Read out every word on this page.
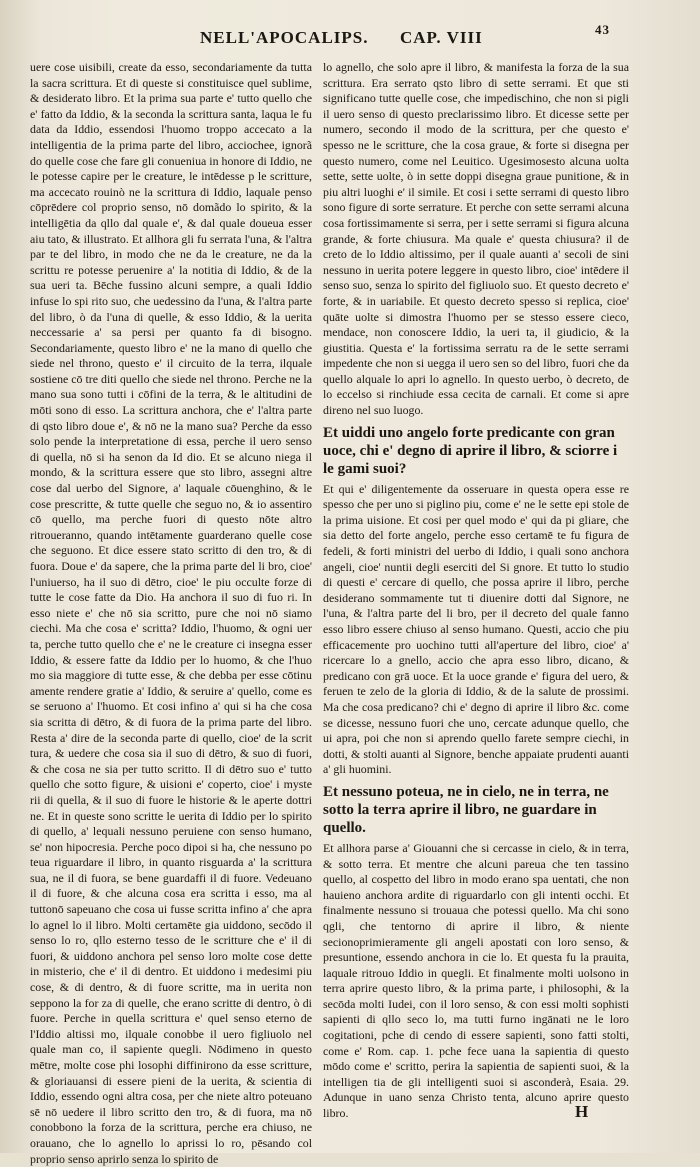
NELL'APOCALIPS. CAP. VIII	43

uere cose uisibili, create da esso, secondariamente da tutta la sacra scrittura. Et di queste si constituisce quel sublime, & desiderato libro. Et la prima sua parte e' tutto quello che e' fatto da Iddio, & la seconda la scrittura santa, laqua le fu data da Iddio, essendosi l'huomo troppo accecato a la intelligentia de la prima parte del libro, acciochee, ignorã do quelle cose che fare gli conueniua in honore di Iddio, ne le potesse capire per le creature, le intēdesse p le scritture, ma accecato rouinò ne la scrittura di Iddio, laquale penso cōprēdere col proprio senso, nō domãdo lo spirito, & la intelligētia da qllo dal quale e', & dal quale doueua esser aiu tato, & illustrato. Et allhora gli fu serrata l'una, & l'altra par te del libro, in modo che ne da le creature, ne da la scrittu re potesse peruenire a' la notitia di Iddio, & de la sua ueri ta. Bēche fussino alcuni sempre, a quali Iddio infuse lo spi rito suo, che uedessino da l'una, & l'altra parte del libro, ò da l'una di quelle, & esso Iddio, & la uerita neccessarie a' sa persi per quanto fa di bisogno. Secondariamente, questo libro e' ne la mano di quello che siede nel throno, questo e' il circuito de la terra, ilquale sostiene cō tre diti quello che siede nel throno. Perche ne la mano sua sono tutti i cōfini de la terra, & le altitudini de mōti sono di esso. La scrittura anchora, che e' l'altra parte di qsto libro doue e', & nō ne la mano sua? Perche da esso solo pende la interpretatione di essa, perche il uero senso di quella, nō si ha senon da Id dio. Et se alcuno niega il mondo, & la scrittura essere que sto libro, assegni altre cose dal uerbo del Signore, a' laquale cōuenghino, & le cose prescritte, & tutte quelle che seguo no, & io assentiro cō quello, ma perche fuori di questo nōte altro ritroueranno, quando intētamente guarderano quelle cose che seguono. Et dice essere stato scritto di den tro, & di fuora. Doue e' da sapere, che la prima parte del li bro, cioe' l'uniuerso, ha il suo di dētro, cioe' le piu occulte forze di tutte le cose fatte da Dio. Ha anchora il suo di fuo ri. In esso niete e' che nō sia scritto, pure che noi nō siamo ciechi. Ma che cosa e' scritta? Iddio, l'huomo, & ogni uer ta, perche tutto quello che e' ne le creature ci insegna esser Iddio, & essere fatte da Iddio per lo huomo, & che l'huo mo sia maggiore di tutte esse, & che debba per esse cōtinu amente rendere gratie a' Iddio, & seruire a' quello, come es se seruono a' l'huomo. Et cosi infino a' qui si ha che cosa sia scritta di dētro, & di fuora de la prima parte del libro. Resta a' dire de la seconda parte di quello, cioe' de la scrit tura, & uedere che cosa sia il suo di dētro, & suo di fuori, & che cosa ne sia per tutto scritto. Il di dētro suo e' tutto quello che sotto figure, & uisioni e' coperto, cioe' i myste rii di quella, & il suo di fuore le historie & le aperte dottri ne. Et in queste sono scritte le uerita di Iddio per lo spirito di quello, a' lequali nessuno peruiene con senso humano, se' non hipocresia. Perche poco dipoi si ha, che nessuno po teua riguardare il libro, in quanto risguarda a' la scrittura sua, ne il di fuora, se bene guardaffi il di fuore. Vedeuano il di fuore, & che alcuna cosa era scritta i esso, ma al tuttonō sapeuano che cosa ui fusse scritta infino a' che apra lo agnel lo il libro. Molti certamēte gia uiddono, secōdo il senso lo ro, qllo esterno tesso de le scritture che e' il di fuori, & uiddono anchora pel senso loro molte cose dette in misterio, che e' il di dentro. Et uiddono i medesimi piu cose, & di dentro, & di fuore scritte, ma in uerita non seppono la for za di quelle, che erano scritte di dentro, ò di fuore. Perche in quella scrittura e' quel senso eterno de l'Iddio altissi mo, ilquale conobbe il uero figliuolo nel quale man co, il sapiente quegli. Nōdimeno in questo mētre, molte cose phi losophi diffinirono da esse scritture, & gloriauansi di essere pieni de la uerita, & scientia di Iddio, essendo ogni altra cosa, per che niete altro poteuano sē nō uedere il libro scritto den tro, & di fuora, ma nō conobbono la forza de la scrittura, perche era chiuso, ne orauano, che lo agnello lo aprissi lo ro, pēsando col proprio senso aprirlo senza lo spirito de

lo agnello, che solo apre il libro, & manifesta la forza de la sua scrittura. Era serrato qsto libro di sette serrami. Et que sti significano tutte quelle cose, che impedischino, che non si pigli il uero senso di questo preclarissimo libro. Et dicesse sette per numero, secondo il modo de la scrittura, per che questo e' spesso ne le scritture, che la cosa graue, & forte si disegna per questo numero, come nel Leuitico. Ugesimosesto alcuna uolta sette, sette uolte, ò in sette doppi disegna graue punitione, & in piu altri luoghi e' il simile. Et cosi i sette serrami di questo libro sono figure di sorte serrature. Et perche con sette serrami alcuna cosa fortissimamente si serra, per i sette serrami si figura alcuna grande, & forte chiusura. Ma quale e' questa chiusura? il de creto de lo Iddio altissimo, per il quale auanti a' secoli de sini nessuno in uerita potere leggere in questo libro, cioe' intēdere il senso suo, senza lo spirito del figliuolo suo. Et questo decreto e' forte, & in uariabile. Et questo decreto spesso si replica, cioe' quāte uolte si dimostra l'huomo per se stesso essere cieco, mendace, non conoscere Iddio, la ueri ta, il giudicio, & la giustitia. Questa e' la fortissima serratu ra de le sette serrami impedente che non si uegga il uero sen so del libro, fuori che da quello alquale lo apri lo agnello. In questo uerbo, ò decreto, de lo eccelso si rinchiude essa cecita de carnali. Et come si apre direno nel suo luogo.

Et uiddi uno angelo forte predicante con gran uoce, chi e' degno di aprire il libro, & sciorre i le gami suoi?

Et qui e' diligentemente da osseruare in questa opera esse re spesso che per uno si piglino piu, come e' ne le sette epi stole de la prima uisione. Et cosi per quel modo e' qui da pi gliare, che sia detto del forte angelo, perche esso certamē te fu figura de fedeli, & forti ministri del uerbo di Iddio, i quali sono anchora angeli, cioe' nuntii degli eserciti del Si gnore. Et tutto lo studio di questi e' cercare di quello, che possa aprire il libro, perche desiderano sommamente tut ti diuenire dotti dal Signore, ne l'una, & l'altra parte del li bro, per il decreto del quale fanno esso libro essere chiuso al senso humano. Questi, accio che piu efficacemente pro uochino tutti all'aperture del libro, cioe' a' ricercare lo a gnello, accio che apra esso libro, dicano, & predicano con grā uoce. Et la uoce grande e' figura del uero, & feruen te zelo de la gloria di Iddio, & de la salute de prossimi. Ma che cosa predicano? chi e' degno di aprire il libro &c. come se dicesse, nessuno fuori che uno, cercate adunque quello, che ui apra, poi che non si aprendo quello farete sempre ciechi, in dotti, & stolti auanti al Signore, benche appaiate prudenti auanti a' gli huomini.

Et nessuno poteua, ne in cielo, ne in terra, ne sotto la terra aprire il libro, ne guardare in quello.

Et allhora parse a' Giouanni che si cercasse in cielo, & in terra, & sotto terra. Et mentre che alcuni pareua che ten tassino quello, al cospetto del libro in modo erano spa uentati, che non hauieno anchora ardite di riguardarlo con gli intenti occhi. Et finalmente nessuno si trouaua che potessi quello. Ma chi sono qgli, che tentorno di aprire il libro, & niente secionoprimieramente gli angeli apostati con loro senso, & presuntione, essendo anchora in cie lo. Et questa fu la prauita, laquale ritrouo Iddio in quegli. Et finalmente molti uolsono in terra aprire questo libro, & la prima parte, i philosophi, & la secōda molti Iudei, con il loro senso, & con essi molti sophisti sapienti di qllo seco lo, ma tutti furno ingānati ne le loro cogitationi, pche di cendo di essere sapienti, sono fatti stolti, come e' Rom. cap. 1. pche fece uana la sapientia di questo mōdo come e' scritto, perira la sapientia de sapienti suoi, & la intelligen tia de gli intelligenti suoi si asconderà, Esaia. 29. Adunque in uano senza Christo tenta, alcuno aprire questo libro.	H
